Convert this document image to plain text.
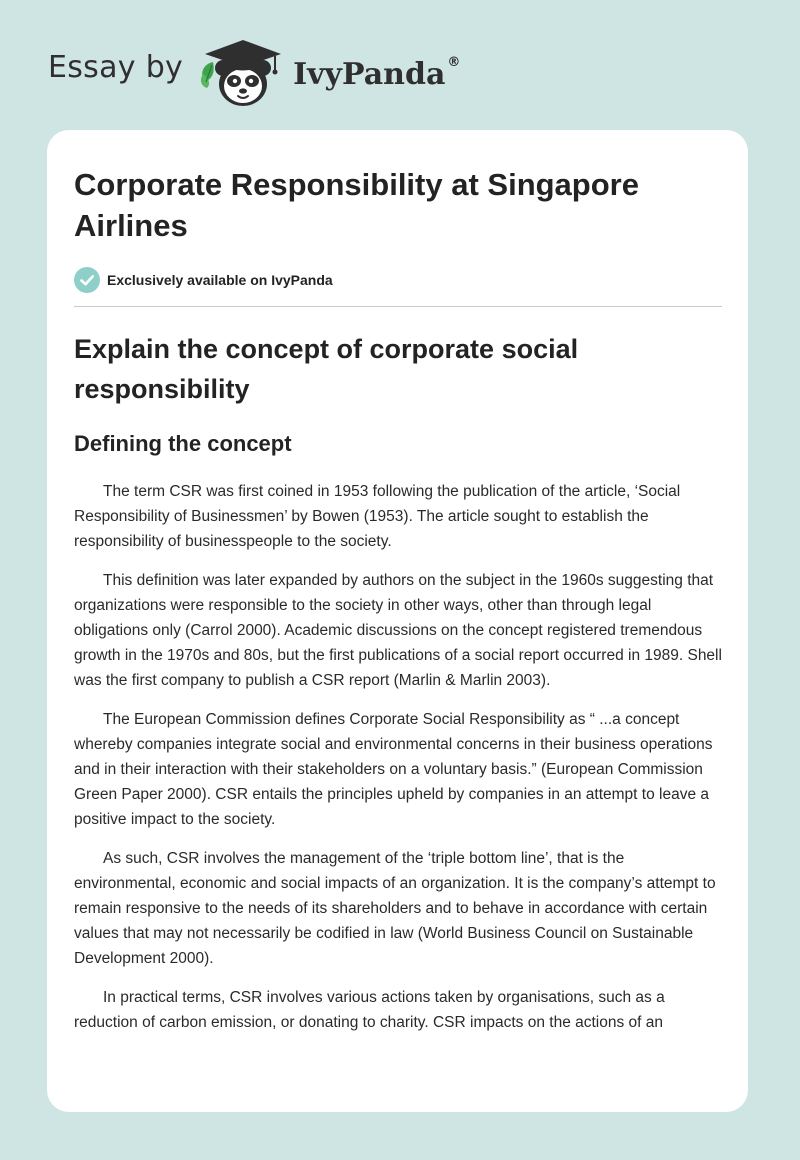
Essay by	IvyPanda ®
Corporate Responsibility at Singapore Airlines
Exclusively available on IvyPanda
Explain the concept of corporate social responsibility
Defining the concept

The term CSR was first coined in 1953 following the publication of the article, ‘Social Responsibility of Businessmen’ by Bowen (1953). The article sought to establish the responsibility of businesspeople to the society.

This definition was later expanded by authors on the subject in the 1960s suggesting that organizations were responsible to the society in other ways, other than through legal obligations only (Carrol 2000). Academic discussions on the concept registered tremendous growth in the 1970s and 80s, but the first publications of a social report occurred in 1989. Shell was the first company to publish a CSR report (Marlin & Marlin 2003).

The European Commission defines Corporate Social Responsibility as “ ...a concept whereby companies integrate social and environmental concerns in their business operations and in their interaction with their stakeholders on a voluntary basis.” (European Commission Green Paper 2000). CSR entails the principles upheld by companies in an attempt to leave a positive impact to the society.

As such, CSR involves the management of the ‘triple bottom line’, that is the environmental, economic and social impacts of an organization. It is the company’s attempt to remain responsive to the needs of its shareholders and to behave in accordance with certain values that may not necessarily be codified in law (World Business Council on Sustainable Development 2000).

In practical terms, CSR involves various actions taken by organisations, such as a reduction of carbon emission, or donating to charity. CSR impacts on the actions of an
